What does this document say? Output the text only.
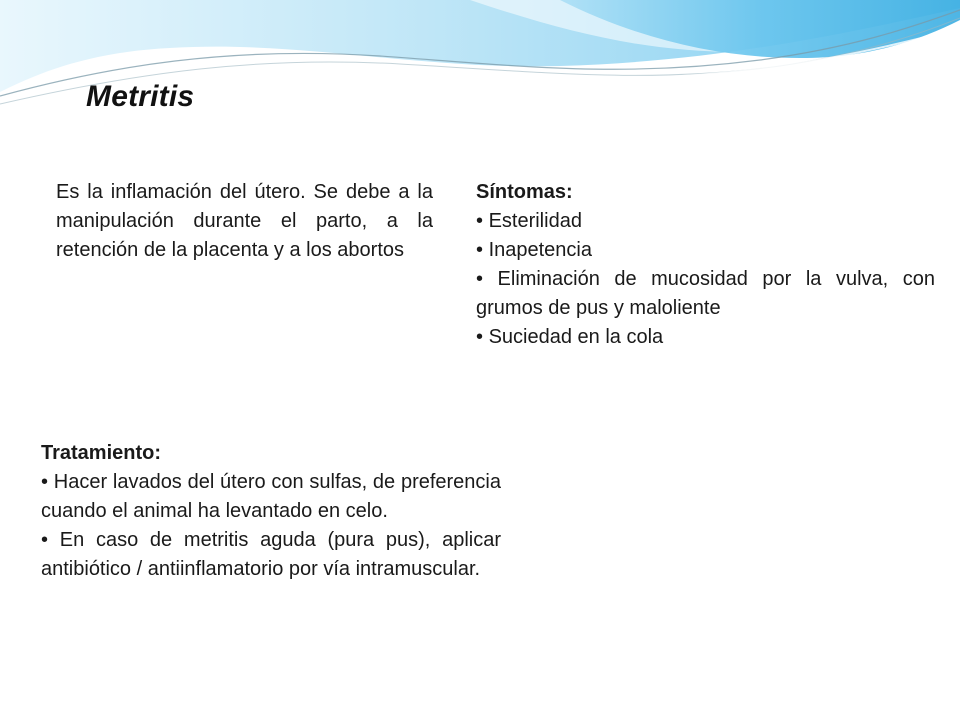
Metritis

Es la inflamación del útero. Se debe a la manipulación durante el parto, a la retención de la placenta y a los abortos

Síntomas:
• Esterilidad
• Inapetencia
• Eliminación de mucosidad por la vulva, con grumos de pus y maloliente
• Suciedad en la cola
Tratamiento:
• Hacer lavados del útero con sulfas, de preferencia cuando el animal ha levantado en celo.
• En caso de metritis aguda (pura pus), aplicar antibiótico / antiinflamatorio por vía intramuscular.
